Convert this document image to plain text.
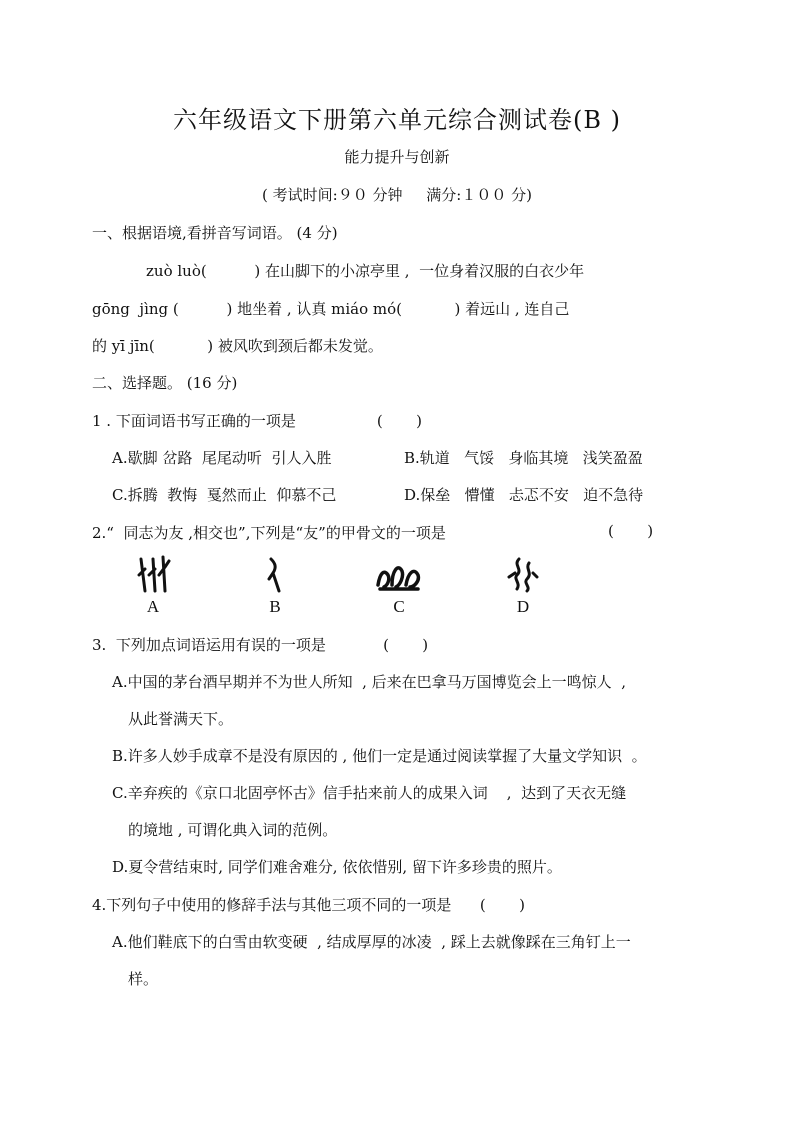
六年级语文下册第六单元综合测试卷(B )
能力提升与创新
( 考试时间:９０ 分钟     满分:１００ 分)
一、根据语境,看拼音写词语。 (4 分)
zuò luò(          ) 在山脚下的小凉亭里 ,  一位身着汉服的白衣少年
gōng  jìng (          ) 地坐着 , 认真 miáo mó(           ) 着远山 , 连自己
的 yī jīn(           ) 被风吹到颈后都未发觉。
二、选择题。 (16 分)
1 . 下面词语书写正确的一项是                 (       )
A.歇脚 岔路  尾尾动听  引人入胜	B.轨道   气馁   身临其境   浅笑盈盈
C.拆腾  教悔  戛然而止  仰慕不己	D.保垒   懵懂   忐忑不安   迫不急待
2.“  同志为友 ,相交也”,下列是“友”的甲骨文的一项是	(       )
A	B	C	D
3.  下列加点词语运用有误的一项是            (       )
A.中国的茅台酒早期并不为世人所知  , 后来在巴拿马万国博览会上一鸣惊人  ,
从此誉满天下。
B.许多人妙手成章不是没有原因的 , 他们一定是通过阅读掌握了大量文学知识  。
C.辛弃疾的《京口北固亭怀古》信手拈来前人的成果入词    ,  达到了天衣无缝
的境地 , 可谓化典入词的范例。
D.夏令营结束时, 同学们难舍难分, 依依惜别, 留下许多珍贵的照片。
4.下列句子中使用的修辞手法与其他三项不同的一项是      (       )
A.他们鞋底下的白雪由软变硬  , 结成厚厚的冰凌  , 踩上去就像踩在三角钉上一
样。
